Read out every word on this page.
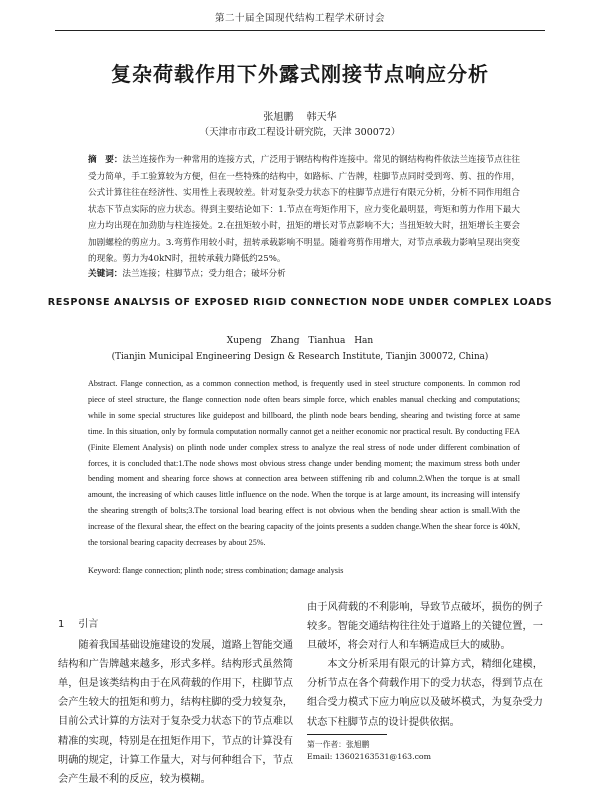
第二十届全国现代结构工程学术研讨会
复杂荷载作用下外露式刚接节点响应分析
张旭鹏 韩天华
（天津市市政工程设计研究院，天津 300072）
摘　要：法兰连接作为一种常用的连接方式，广泛用于钢结构构件连接中。常见的钢结构构件依法兰连接节点往往受力简单，手工验算较为方便，但在一些特殊的结构中，如路标、广告牌，柱脚节点同时受到弯、剪、扭的作用，公式计算往往在经济性、实用性上表现较差。针对复杂受力状态下的柱脚节点进行有限元分析，分析不同作用组合状态下节点实际的应力状态。得到主要结论如下：1.节点在弯矩作用下，应力变化最明显，弯矩和剪力作用下最大应力均出现在加劲肋与柱连接处。2.在扭矩较小时，扭矩的增长对节点影响不大；当扭矩较大时，扭矩增长主要会加剧螺栓的剪应力。3.弯剪作用较小时，扭转承载影响不明显。随着弯剪作用增大，对节点承载力影响呈现出突变的现象。剪力为40kN时，扭转承载力降低约25%。
关键词：法兰连接；柱脚节点；受力组合；破坏分析
RESPONSE ANALYSIS OF EXPOSED RIGID CONNECTION NODE UNDER COMPLEX LOADS
Xupeng Zhang Tianhua Han
(Tianjin Municipal Engineering Design & Research Institute, Tianjin 300072, China)
Abstract. Flange connection, as a common connection method, is frequently used in steel structure components. In common rod piece of steel structure, the flange connection node often bears simple force, which enables manual checking and computations; while in some special structures like guidepost and billboard, the plinth node bears bending, shearing and twisting force at same time. In this situation, only by formula computation normally cannot get a neither economic nor practical result. By conducting FEA (Finite Element Analysis) on plinth node under complex stress to analyze the real stress of node under different combination of forces, it is concluded that:1.The node shows most obvious stress change under bending moment; the maximum stress both under bending moment and shearing force shows at connection area between stiffening rib and column.2.When the torque is at small amount, the increasing of which causes little influence on the node. When the torque is at large amount, its increasing will intensify the shearing strength of bolts;3.The torsional load bearing effect is not obvious when the bending shear action is small.With the increase of the flexural shear, the effect on the bearing capacity of the joints presents a sudden change.When the shear force is 40kN, the torsional bearing capacity decreases by about 25%.
Keyword: flange connection; plinth node; stress combination; damage analysis
1 引言

随着我国基础设施建设的发展，道路上智能交通结构和广告牌越来越多，形式多样。结构形式虽然简单，但是该类结构由于在风荷载的作用下，柱脚节点会产生较大的扭矩和剪力，结构柱脚的受力较复杂，目前公式计算的方法对于复杂受力状态下的节点难以精准的实现，特别是在扭矩作用下，节点的计算没有明确的规定，计算工作量大，对与何种组合下，节点会产生最不利的反应，较为模糊。

由于风荷载的不利影响，导致节点破坏，损伤的例子较多。智能交通结构往往处于道路上的关键位置，一旦破坏，将会对行人和车辆造成巨大的威胁。

本文分析采用有限元的计算方式，精细化建模，分析节点在各个荷载作用下的受力状态，得到节点在组合受力模式下应力响应以及破坏模式，为复杂受力状态下柱脚节点的设计提供依据。

第一作者：张旭鹏
Email: 13602163531@163.com
